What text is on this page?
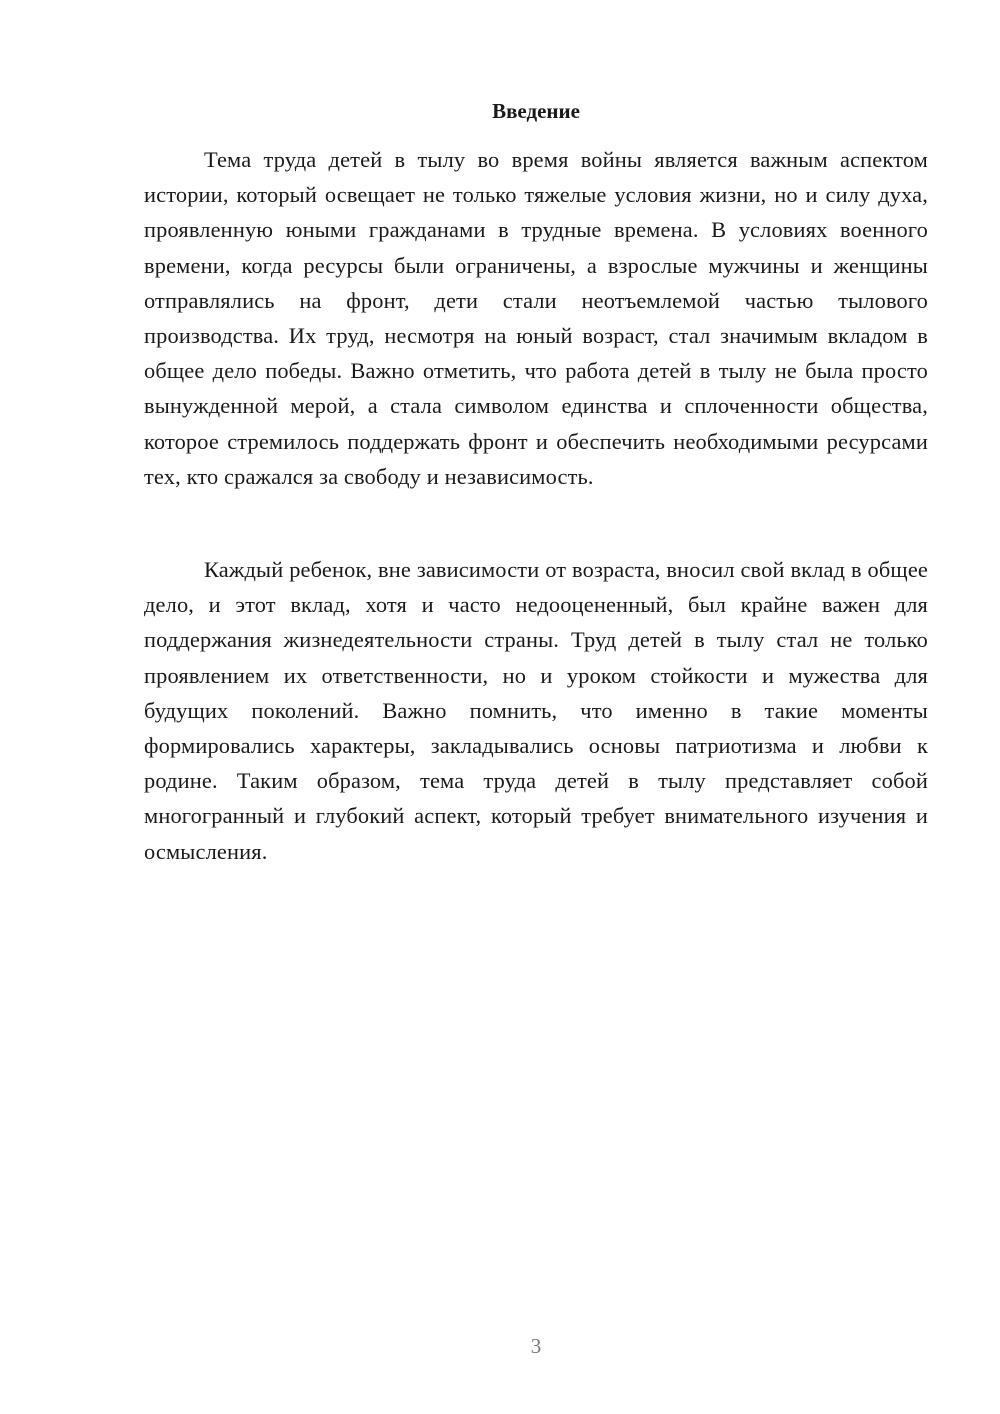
Введение

Тема труда детей в тылу во время войны является важным аспектом истории, который освещает не только тяжелые условия жизни, но и силу духа, проявленную юными гражданами в трудные времена. В условиях военного времени, когда ресурсы были ограничены, а взрослые мужчины и женщины отправлялись на фронт, дети стали неотъемлемой частью тылового производства. Их труд, несмотря на юный возраст, стал значимым вкладом в общее дело победы. Важно отметить, что работа детей в тылу не была просто вынужденной мерой, а стала символом единства и сплоченности общества, которое стремилось поддержать фронт и обеспечить необходимыми ресурсами тех, кто сражался за свободу и независимость.

Каждый ребенок, вне зависимости от возраста, вносил свой вклад в общее дело, и этот вклад, хотя и часто недооцененный, был крайне важен для поддержания жизнедеятельности страны. Труд детей в тылу стал не только проявлением их ответственности, но и уроком стойкости и мужества для будущих поколений. Важно помнить, что именно в такие моменты формировались характеры, закладывались основы патриотизма и любви к родине. Таким образом, тема труда детей в тылу представляет собой многогранный и глубокий аспект, который требует внимательного изучения и осмысления.

3
